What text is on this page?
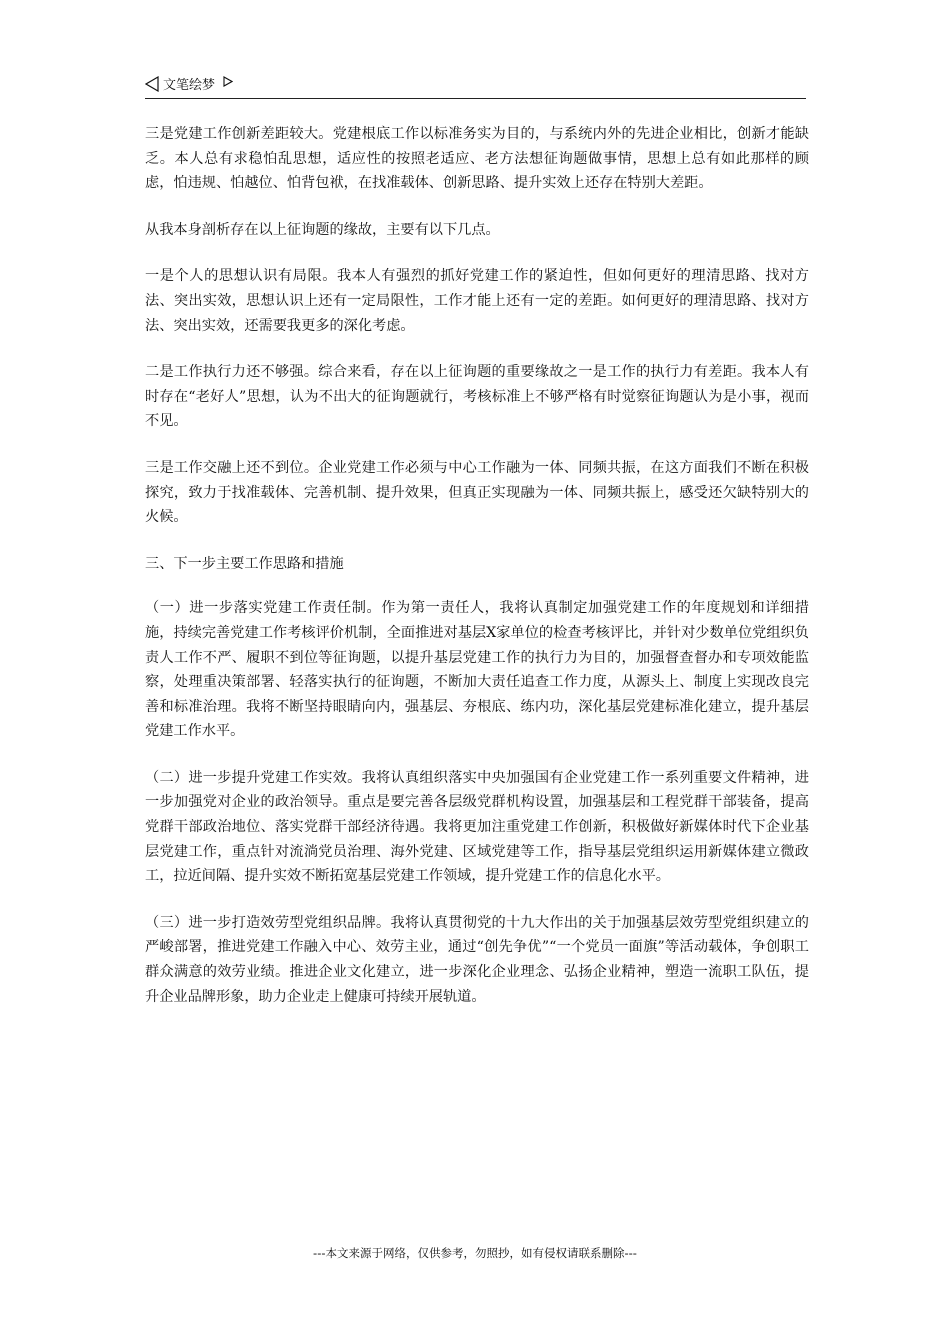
文笔绘梦

三是党建工作创新差距较大。党建根底工作以标准务实为目的，与系统内外的先进企业相比，创新才能缺乏。本人总有求稳怕乱思想，适应性的按照老适应、老方法想征询题做事情，思想上总有如此那样的顾虑，怕违规、怕越位、怕背包袱，在找准载体、创新思路、提升实效上还存在特别大差距。

从我本身剖析存在以上征询题的缘故，主要有以下几点。

一是个人的思想认识有局限。我本人有强烈的抓好党建工作的紧迫性，但如何更好的理清思路、找对方法、突出实效，思想认识上还有一定局限性，工作才能上还有一定的差距。如何更好的理清思路、找对方法、突出实效，还需要我更多的深化考虑。

二是工作执行力还不够强。综合来看，存在以上征询题的重要缘故之一是工作的执行力有差距。我本人有时存在“老好人”思想，认为不出大的征询题就行，考核标准上不够严格有时觉察征询题认为是小事，视而不见。

三是工作交融上还不到位。企业党建工作必须与中心工作融为一体、同频共振，在这方面我们不断在积极探究，致力于找准载体、完善机制、提升效果，但真正实现融为一体、同频共振上，感受还欠缺特别大的火候。

三、下一步主要工作思路和措施

（一）进一步落实党建工作责任制。作为第一责任人，我将认真制定加强党建工作的年度规划和详细措施，持续完善党建工作考核评价机制，全面推进对基层X家单位的检查考核评比，并针对少数单位党组织负责人工作不严、履职不到位等征询题，以提升基层党建工作的执行力为目的，加强督查督办和专项效能监察，处理重决策部署、轻落实执行的征询题，不断加大责任追查工作力度，从源头上、制度上实现改良完善和标准治理。我将不断坚持眼睛向内，强基层、夯根底、练内功，深化基层党建标准化建立，提升基层党建工作水平。

（二）进一步提升党建工作实效。我将认真组织落实中央加强国有企业党建工作一系列重要文件精神，进一步加强党对企业的政治领导。重点是要完善各层级党群机构设置，加强基层和工程党群干部装备，提高党群干部政治地位、落实党群干部经济待遇。我将更加注重党建工作创新，积极做好新媒体时代下企业基层党建工作，重点针对流淌党员治理、海外党建、区域党建等工作，指导基层党组织运用新媒体建立微政工，拉近间隔、提升实效不断拓宽基层党建工作领域，提升党建工作的信息化水平。

（三）进一步打造效劳型党组织品牌。我将认真贯彻党的十九大作出的关于加强基层效劳型党组织建立的严峻部署，推进党建工作融入中心、效劳主业，通过“创先争优”“一个党员一面旗”等活动载体，争创职工群众满意的效劳业绩。推进企业文化建立，进一步深化企业理念、弘扬企业精神，塑造一流职工队伍，提升企业品牌形象，助力企业走上健康可持续开展轨道。

---本文来源于网络，仅供参考，勿照抄，如有侵权请联系删除---
